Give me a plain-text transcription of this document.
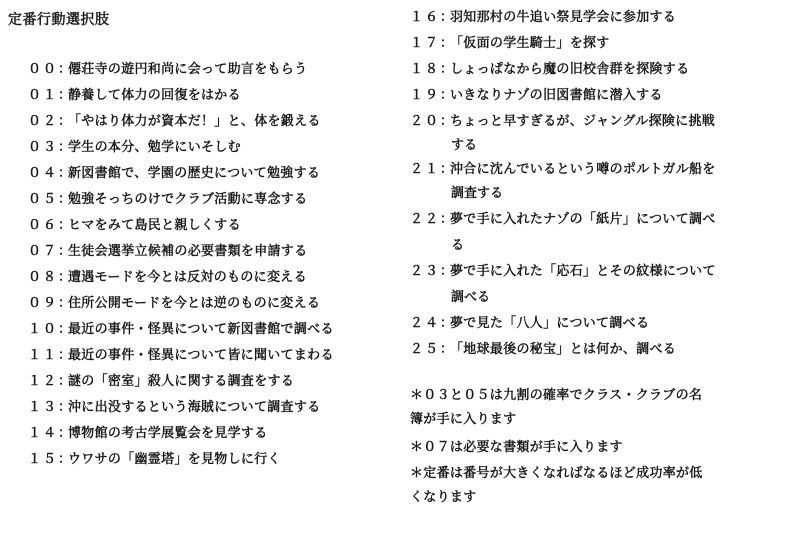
定番行動選択肢
００：僊荘寺の遊円和尚に会って助言をもらう
０１：静養して体力の回復をはかる
０２：「やはり体力が資本だ！」と、体を鍛える
０３：学生の本分、勉学にいそしむ
０４：新図書館で、学園の歴史について勉強する
０５：勉強そっちのけでクラブ活動に専念する
０６：ヒマをみて島民と親しくする
０７：生徒会選挙立候補の必要書類を申請する
０８：遭遇モードを今とは反対のものに変える
０９：住所公開モードを今とは逆のものに変える
１０：最近の事件・怪異について新図書館で調べる
１１：最近の事件・怪異について皆に聞いてまわる
１２：謎の「密室」殺人に関する調査をする
１３：沖に出没するという海賊について調査する
１４：博物館の考古学展覧会を見学する
１５：ウワサの「幽霊塔」を見物しに行く
１６：羽知那村の牛追い祭見学会に参加する
１７：「仮面の学生騎士」を探す
１８：しょっぱなから魔の旧校舎群を探険する
１９：いきなりナゾの旧図書館に潜入する
２０：ちょっと早すぎるが、ジャングル探険に挑戦
する
２１：沖合に沈んでいるという噂のポルトガル船を
調査する
２２：夢で手に入れたナゾの「紙片」について調べ
る
２３：夢で手に入れた「応石」とその紋様について
調べる
２４：夢で見た「八人」について調べる
２５：「地球最後の秘宝」とは何か、調べる
＊０３と０５は九割の確率でクラス・クラブの名
簿が手に入ります
＊０７は必要な書類が手に入ります
＊定番は番号が大きくなればなるほど成功率が低
くなります
